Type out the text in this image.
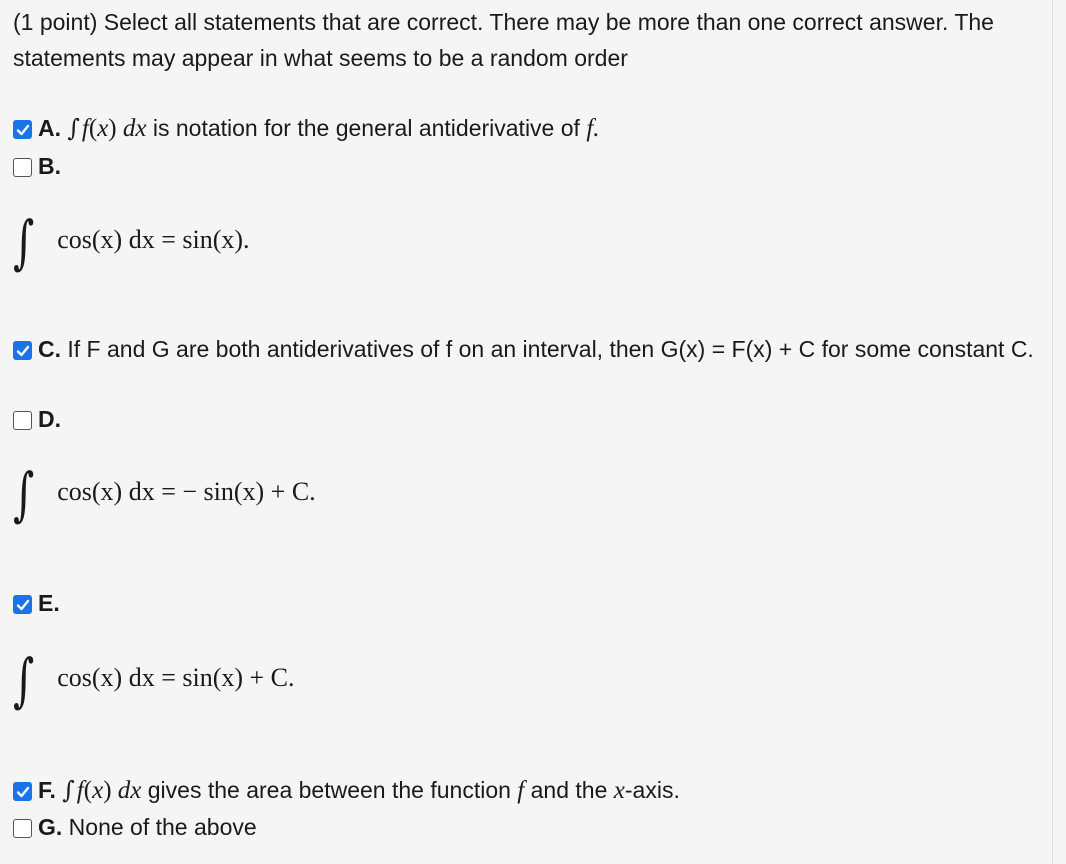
(1 point) Select all statements that are correct. There may be more than one correct answer. The statements may appear in what seems to be a random order
A. ∫f(x) dx is notation for the general antiderivative of f.
B.
∫ cos(x) dx = sin(x).
C. If F and G are both antiderivatives of f on an interval, then G(x) = F(x) + C for some constant C.
D.
∫ cos(x) dx = − sin(x) + C.
E.
∫ cos(x) dx = sin(x) + C.
F. ∫f(x) dx gives the area between the function f and the x-axis.
G. None of the above
